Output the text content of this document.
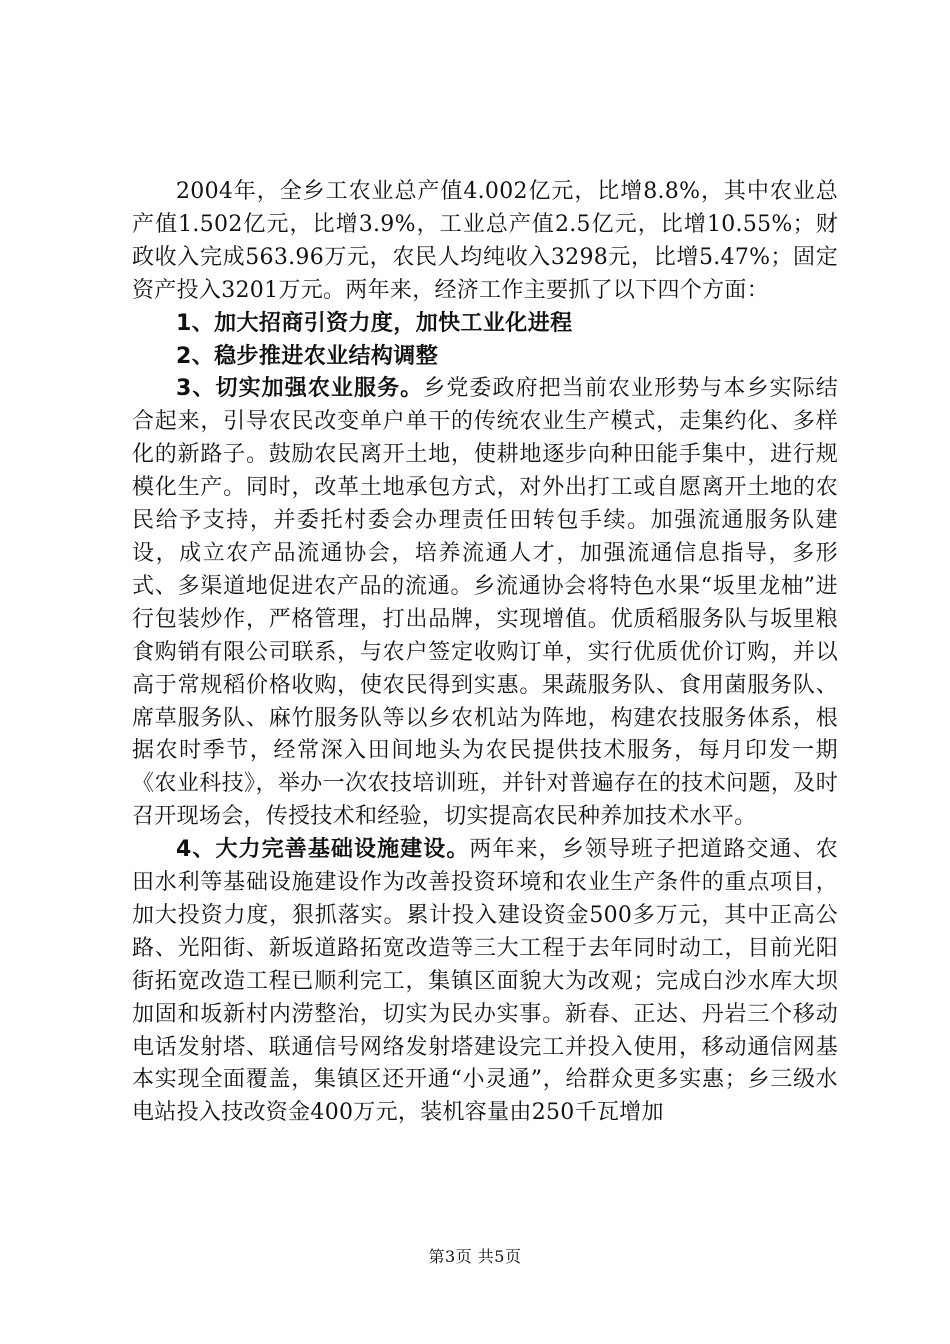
2004年，全乡工农业总产值4.002亿元，比增8.8%，其中农业总产值1.502亿元，比增3.9%，工业总产值2.5亿元，比增10.55%；财政收入完成563.96万元，农民人均纯收入3298元，比增5.47%；固定资产投入3201万元。两年来，经济工作主要抓了以下四个方面：

1、加大招商引资力度，加快工业化进程

2、稳步推进农业结构调整

3、切实加强农业服务。乡党委政府把当前农业形势与本乡实际结合起来，引导农民改变单户单干的传统农业生产模式，走集约化、多样化的新路子。鼓励农民离开土地，使耕地逐步向种田能手集中，进行规模化生产。同时，改革土地承包方式，对外出打工或自愿离开土地的农民给予支持，并委托村委会办理责任田转包手续。加强流通服务队建设，成立农产品流通协会，培养流通人才，加强流通信息指导，多形式、多渠道地促进农产品的流通。乡流通协会将特色水果“坂里龙柚”进行包装炒作，严格管理，打出品牌，实现增值。优质稻服务队与坂里粮食购销有限公司联系，与农户签定收购订单，实行优质优价订购，并以高于常规稻价格收购，使农民得到实惠。果蔬服务队、食用菌服务队、席草服务队、麻竹服务队等以乡农机站为阵地，构建农技服务体系，根据农时季节，经常深入田间地头为农民提供技术服务，每月印发一期《农业科技》，举办一次农技培训班，并针对普遍存在的技术问题，及时召开现场会，传授技术和经验，切实提高农民种养加技术水平。

4、大力完善基础设施建设。两年来，乡领导班子把道路交通、农田水利等基础设施建设作为改善投资环境和农业生产条件的重点项目，加大投资力度，狠抓落实。累计投入建设资金500多万元，其中正高公路、光阳街、新坂道路拓宽改造等三大工程于去年同时动工，目前光阳街拓宽改造工程已顺利完工，集镇区面貌大为改观；完成白沙水库大坝加固和坂新村内涝整治，切实为民办实事。新春、正达、丹岩三个移动电话发射塔、联通信号网络发射塔建设完工并投入使用，移动通信网基本实现全面覆盖，集镇区还开通“小灵通”，给群众更多实惠；乡三级水电站投入技改资金400万元，装机容量由250千瓦增加

第3页 共5页
